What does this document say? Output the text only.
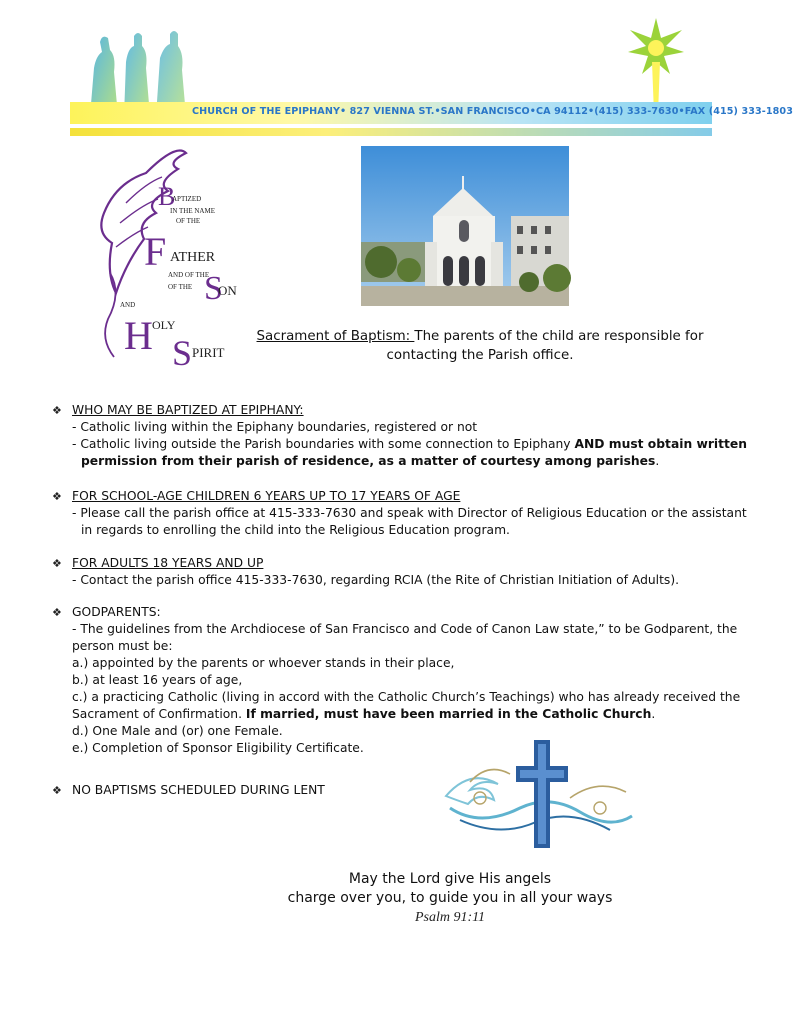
CHURCH OF THE EPIPHANY• 827 VIENNA ST.•SAN FRANCISCO•CA 94112•(415) 333-7630•FAX (415) 333-1803
B
APTIZED
IN THE NAME
OF THE
F ATHER
AND OF THE
S
ON
AND
OF THE
H OLY
S PIRIT
Sacrament of Baptism: The parents of the child are responsible for contacting the Parish office.
❖ WHO MAY BE BAPTIZED AT EPIPHANY:
- Catholic living within the Epiphany boundaries, registered or not
- Catholic living outside the Parish boundaries with some connection to Epiphany AND must obtain written permission from their parish of residence, as a matter of courtesy among parishes.
❖ FOR SCHOOL-AGE CHILDREN 6 YEARS UP TO 17 YEARS OF AGE
- Please call the parish office at 415-333-7630 and speak with Director of Religious Education or the assistant in regards to enrolling the child into the Religious Education program.
❖ FOR ADULTS 18 YEARS AND UP
- Contact the parish office 415-333-7630, regarding RCIA (the Rite of Christian Initiation of Adults).
❖ GODPARENTS:
- The guidelines from the Archdiocese of San Francisco and Code of Canon Law state,” to be Godparent, the person must be:
a.) appointed by the parents or whoever stands in their place,
b.) at least 16 years of age,
c.) a practicing Catholic (living in accord with the Catholic Church’s Teachings) who has already received the Sacrament of Confirmation. If married, must have been married in the Catholic Church.
d.) One Male and (or) one Female.
e.) Completion of Sponsor Eligibility Certificate.
❖ NO BAPTISMS SCHEDULED DURING LENT
May the Lord give His angels
charge over you, to guide you in all your ways
Psalm 91:11
